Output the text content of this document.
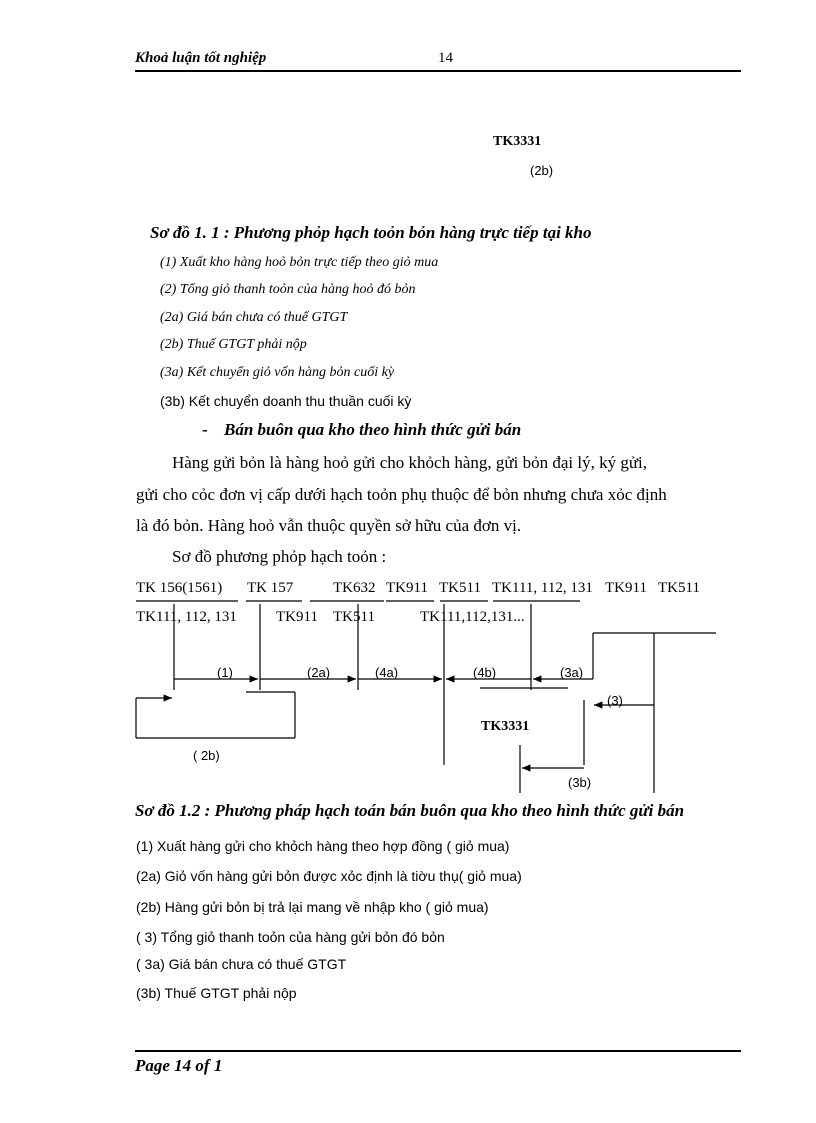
Khoả luận tốt nghiệp	14
TK3331
(2b)
Sơ đồ 1. 1 : Phương phỏp hạch toỏn bỏn hàng trực tiếp tại kho
(1) Xuất kho hàng hoỏ bỏn trực tiếp theo giỏ mua
(2) Tổng giỏ thanh toỏn của hàng hoỏ đó bỏn
(2a) Giá bán chưa có thuế GTGT
(2b) Thuế GTGT phải nộp
(3a) Kết chuyển giỏ vốn hàng bỏn cuối kỳ
(3b) Kết chuyển doanh thu thuần cuối kỳ
- Bán buôn qua kho theo hình thức gửi bán
Hàng gửi bỏn là hàng hoỏ gửi cho khỏch hàng, gửi bỏn đại lý, ký gửi,
gửi cho cỏc đơn vị cấp dưới hạch toỏn phụ thuộc để bỏn nhưng chưa xỏc định
là đó bỏn. Hàng hoỏ vẫn thuộc quyền sở hữu của đơn vị.
Sơ đồ phương phỏp hạch toỏn :
TK 156(1561) TK 157	TK632 TK911 TK511 TK111, 112, 131 TK911 TK511
TK111, 112, 131	TK911 TK511	TK111,112,131...
(1)	(2a)	(4a)	(4b)	(3a)
(3)
( 2b)
(3b)
TK3331
Sơ đồ 1.2 : Phương pháp hạch toán bán buôn qua kho theo hình thức gửi bán
(1) Xuất hàng gửi cho khỏch hàng theo hợp đồng ( giỏ mua)
(2a) Giỏ vốn hàng gửi bỏn được xỏc định là tiờu thụ( giỏ mua)
(2b) Hàng gửi bỏn bị trả lại mang về nhập kho ( giỏ mua)
( 3) Tổng giỏ thanh toỏn của hàng gửi bỏn đó bỏn
( 3a) Giá bán chưa có thuế GTGT
(3b) Thuế GTGT phải nộp
Page 14 of 1
